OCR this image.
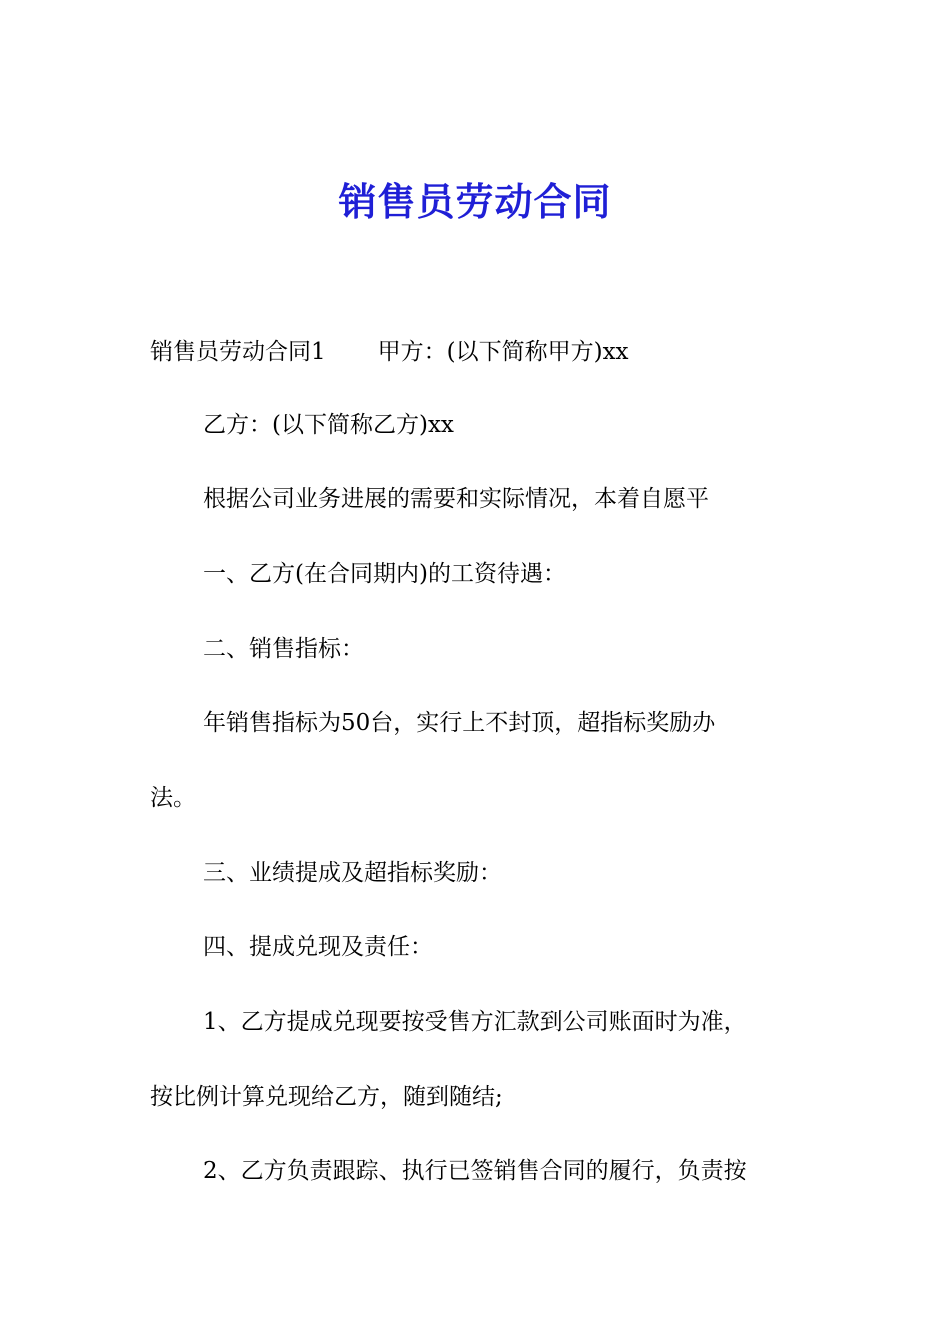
销售员劳动合同

销售员劳动合同1 甲方：(以下简称甲方)xx

乙方：(以下简称乙方)xx

根据公司业务进展的需要和实际情况，本着自愿平

一、乙方(在合同期内)的工资待遇：

二、销售指标：

年销售指标为50台，实行上不封顶，超指标奖励办

法。

三、业绩提成及超指标奖励：

四、提成兑现及责任：

1、乙方提成兑现要按受售方汇款到公司账面时为准，

按比例计算兑现给乙方，随到随结;

2、乙方负责跟踪、执行已签销售合同的履行，负责按
